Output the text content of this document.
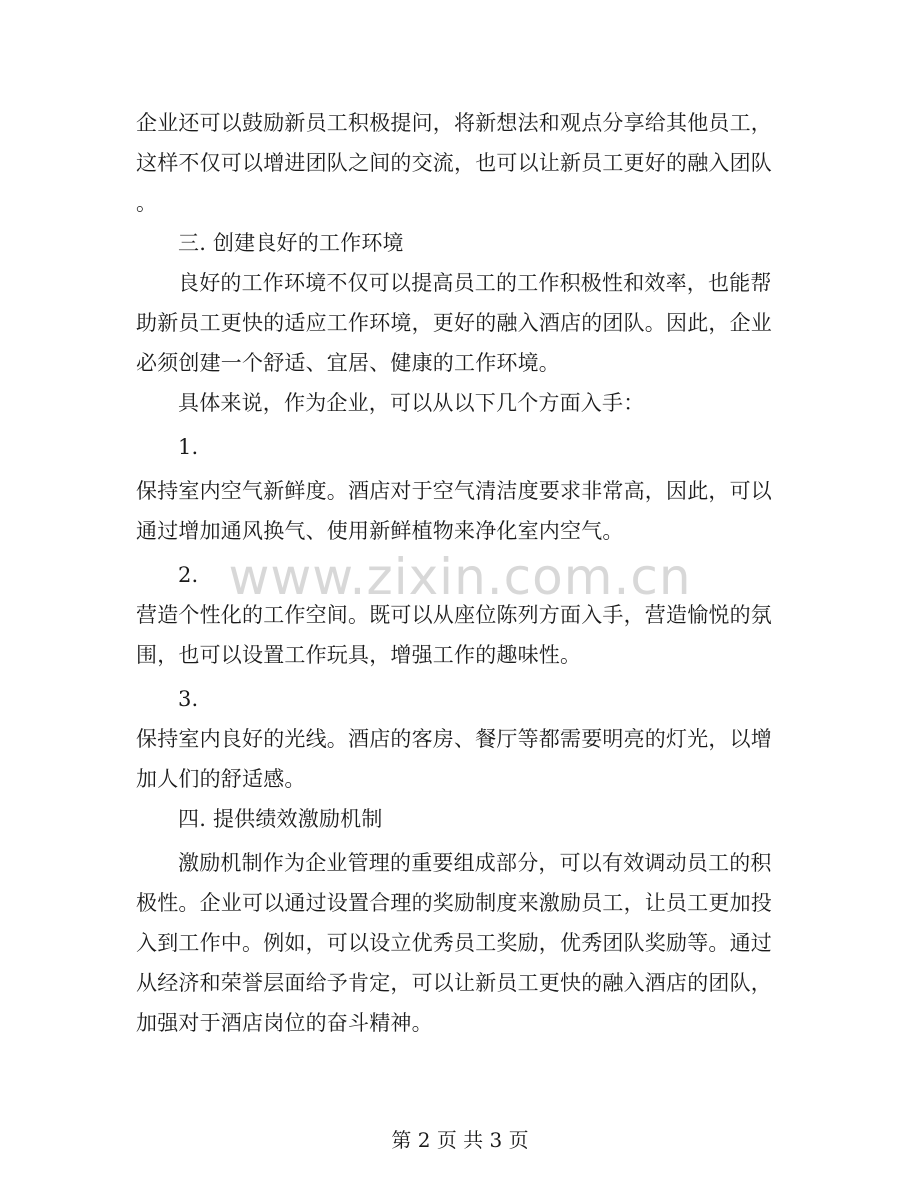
企业还可以鼓励新员工积极提问，将新想法和观点分享给其他员工，
这样不仅可以增进团队之间的交流，也可以让新员工更好的融入团队
。
三. 创建良好的工作环境
良好的工作环境不仅可以提高员工的工作积极性和效率，也能帮
助新员工更快的适应工作环境，更好的融入酒店的团队。因此，企业
必须创建一个舒适、宜居、健康的工作环境。
具体来说，作为企业，可以从以下几个方面入手：
1.
保持室内空气新鲜度。酒店对于空气清洁度要求非常高，因此，可以
通过增加通风换气、使用新鲜植物来净化室内空气。
2.
营造个性化的工作空间。既可以从座位陈列方面入手，营造愉悦的氛
围，也可以设置工作玩具，增强工作的趣味性。
3.
保持室内良好的光线。酒店的客房、餐厅等都需要明亮的灯光，以增
加人们的舒适感。
四. 提供绩效激励机制
激励机制作为企业管理的重要组成部分，可以有效调动员工的积
极性。企业可以通过设置合理的奖励制度来激励员工，让员工更加投
入到工作中。例如，可以设立优秀员工奖励，优秀团队奖励等。通过
从经济和荣誉层面给予肯定，可以让新员工更快的融入酒店的团队，
加强对于酒店岗位的奋斗精神。
www.zixin.com.cn
第 2 页 共 3 页
